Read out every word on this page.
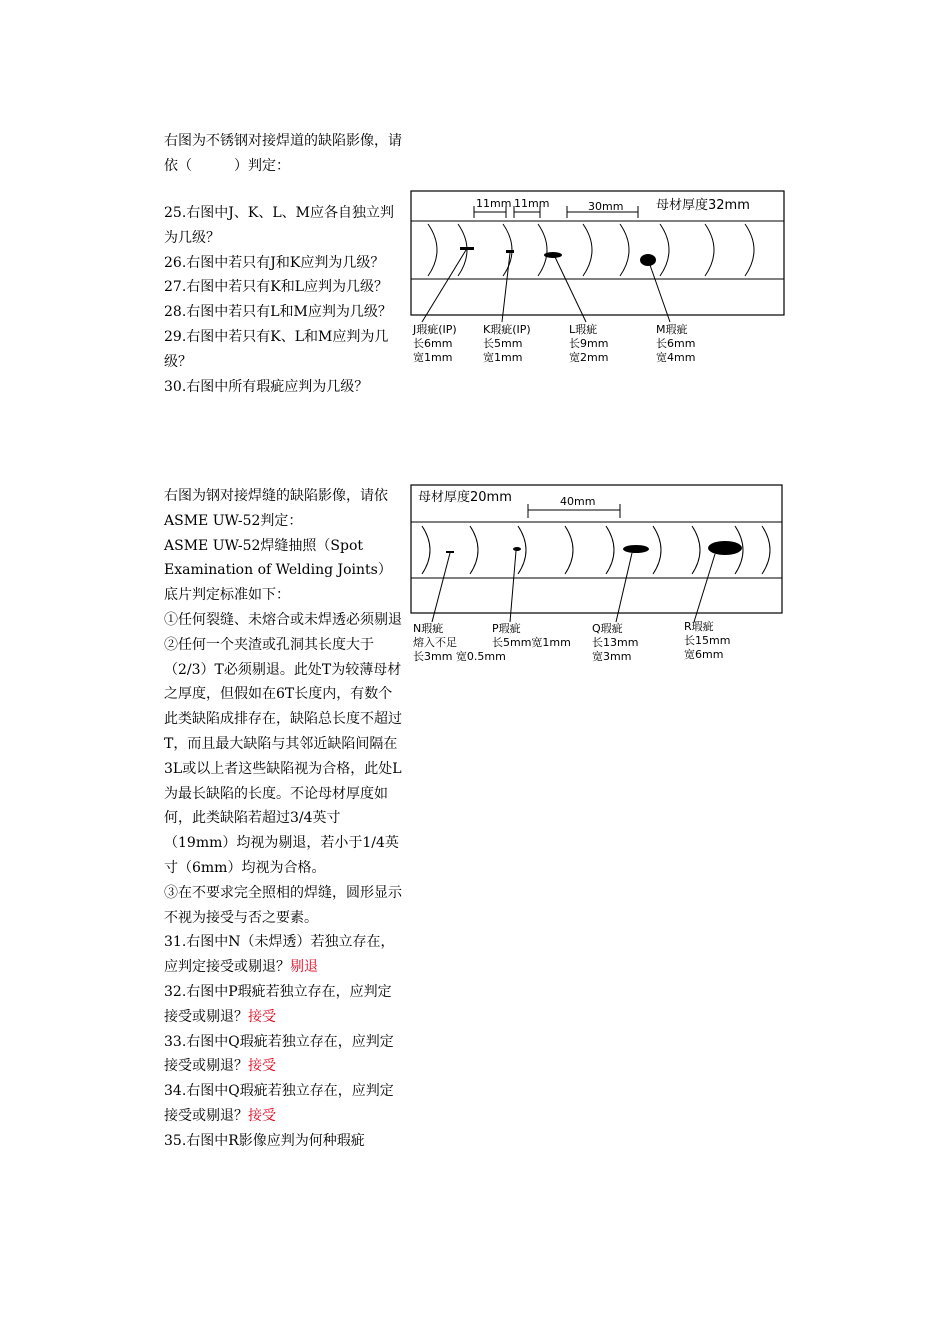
右图为不锈钢对接焊道的缺陷影像，请依（　　　）判定：

25.右图中J、K、L、M应各自独立判为几级？

26.右图中若只有J和K应判为几级？

27.右图中若只有K和L应判为几级？

28.右图中若只有L和M应判为几级？

29.右图中若只有K、L和M应判为几级？

30.右图中所有瑕疵应判为几级？

右图为钢对接焊缝的缺陷影像，请依ASME UW-52判定：

ASME UW-52焊缝抽照（Spot Examination of Welding Joints）底片判定标准如下：

①任何裂缝、未熔合或未焊透必须剔退

②任何一个夹渣或孔洞其长度大于（2/3）T必须剔退。此处T为较薄母材之厚度，但假如在6T长度内，有数个此类缺陷成排存在，缺陷总长度不超过T，而且最大缺陷与其邻近缺陷间隔在3L或以上者这些缺陷视为合格，此处L为最长缺陷的长度。不论母材厚度如何，此类缺陷若超过3/4英寸（19mm）均视为剔退，若小于1/4英寸（6mm）均视为合格。

③在不要求完全照相的焊缝，圆形显示不视为接受与否之要素。

31.右图中N（未焊透）若独立存在，应判定接受或剔退？剔退

32.右图中P瑕疵若独立存在，应判定接受或剔退？接受

33.右图中Q瑕疵若独立存在，应判定接受或剔退？接受

34.右图中Q瑕疵若独立存在，应判定接受或剔退？接受

35.右图中R影像应判为何种瑕疵

11mm 11mm	30mm	母材厚度32mm
J瑕疵(IP)
长6mm
宽1mm
K瑕疵(IP)
长5mm
宽1mm
L瑕疵
长9mm
宽2mm
M瑕疵
长6mm
宽4mm
40mm
母材厚度20mm
N瑕疵
熔入不足
长3mm 宽0.5mm
P瑕疵
长5mm宽1mm
Q瑕疵
长13mm
宽3mm
R瑕疵
长15mm
宽6mm
